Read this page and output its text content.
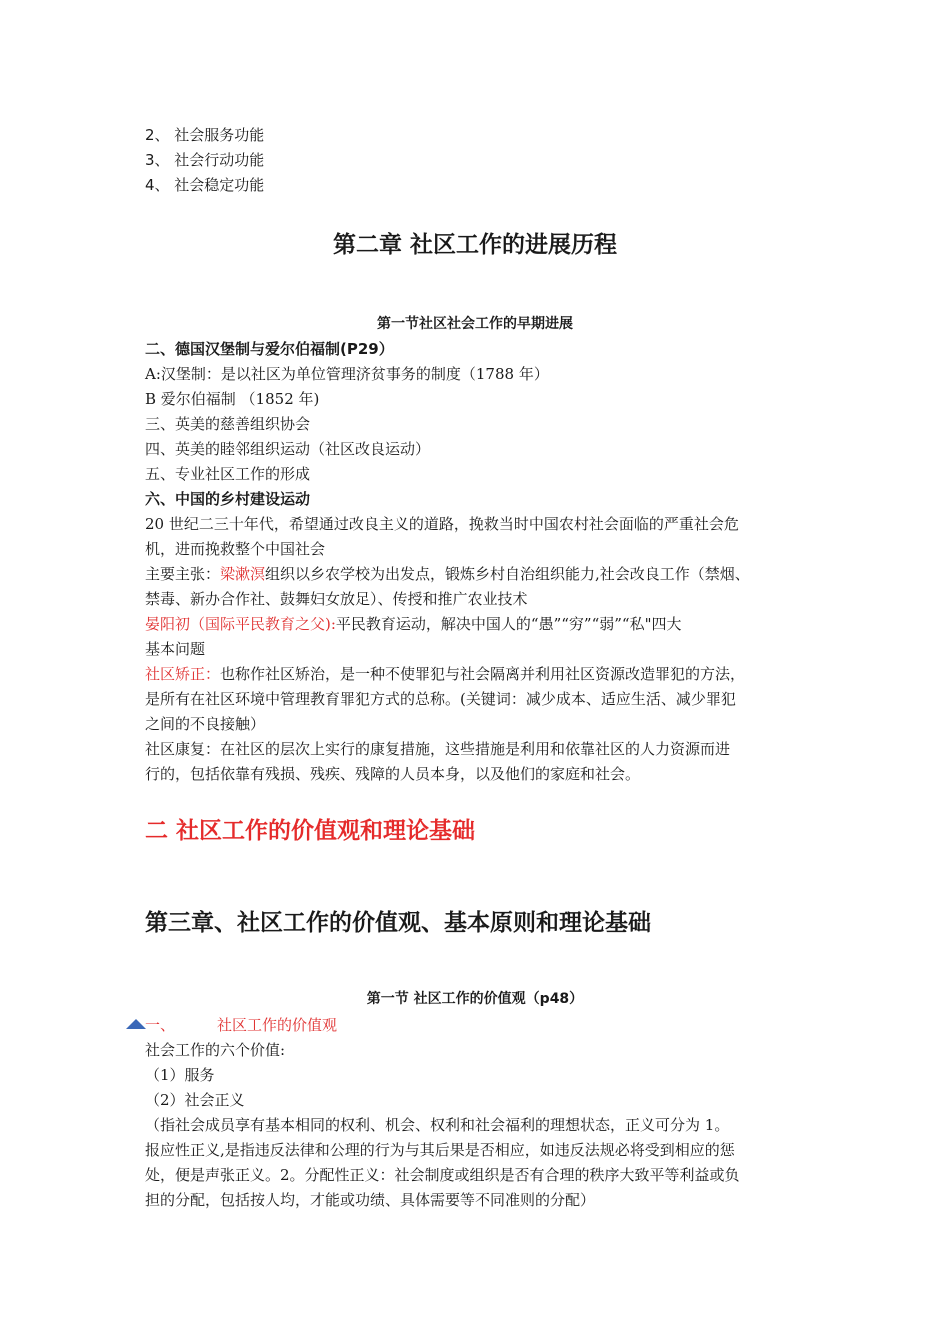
2、 社会服务功能
3、 社会行动功能
4、 社会稳定功能
第二章 社区工作的进展历程
第一节社区社会工作的早期进展
二、德国汉堡制与爱尔伯福制(P29）
A:汉堡制：是以社区为单位管理济贫事务的制度（1788 年）
B 爱尔伯福制 （1852 年)
三、英美的慈善组织协会
四、英美的睦邻组织运动（社区改良运动）
五、专业社区工作的形成
六、中国的乡村建设运动
20 世纪二三十年代，希望通过改良主义的道路，挽救当时中国农村社会面临的严重社会危
机，进而挽救整个中国社会
主要主张：梁漱溟组织以乡农学校为出发点，锻炼乡村自治组织能力,社会改良工作（禁烟、
禁毒、新办合作社、鼓舞妇女放足）、传授和推广农业技术
晏阳初（国际平民教育之父):平民教育运动，解决中国人的“愚”“穷”“弱”“私"四大
基本问题
社区矫正：也称作社区矫治，是一种不使罪犯与社会隔离并利用社区资源改造罪犯的方法，
是所有在社区环境中管理教育罪犯方式的总称。(关键词：减少成本、适应生活、减少罪犯
之间的不良接触）
社区康复：在社区的层次上实行的康复措施，这些措施是利用和依靠社区的人力资源而进
行的，包括依靠有残损、残疾、残障的人员本身，以及他们的家庭和社会。
二 社区工作的价值观和理论基础
第三章、社区工作的价值观、基本原则和理论基础
第一节 社区工作的价值观（p48）
一、	社区工作的价值观
社会工作的六个价值:
（1）服务
（2）社会正义
（指社会成员享有基本相同的权利、机会、权利和社会福利的理想状态，正义可分为 1。
报应性正义,是指违反法律和公理的行为与其后果是否相应，如违反法规必将受到相应的惩
处，便是声张正义。2。分配性正义：社会制度或组织是否有合理的秩序大致平等利益或负
担的分配，包括按人均，才能或功绩、具体需要等不同准则的分配）
